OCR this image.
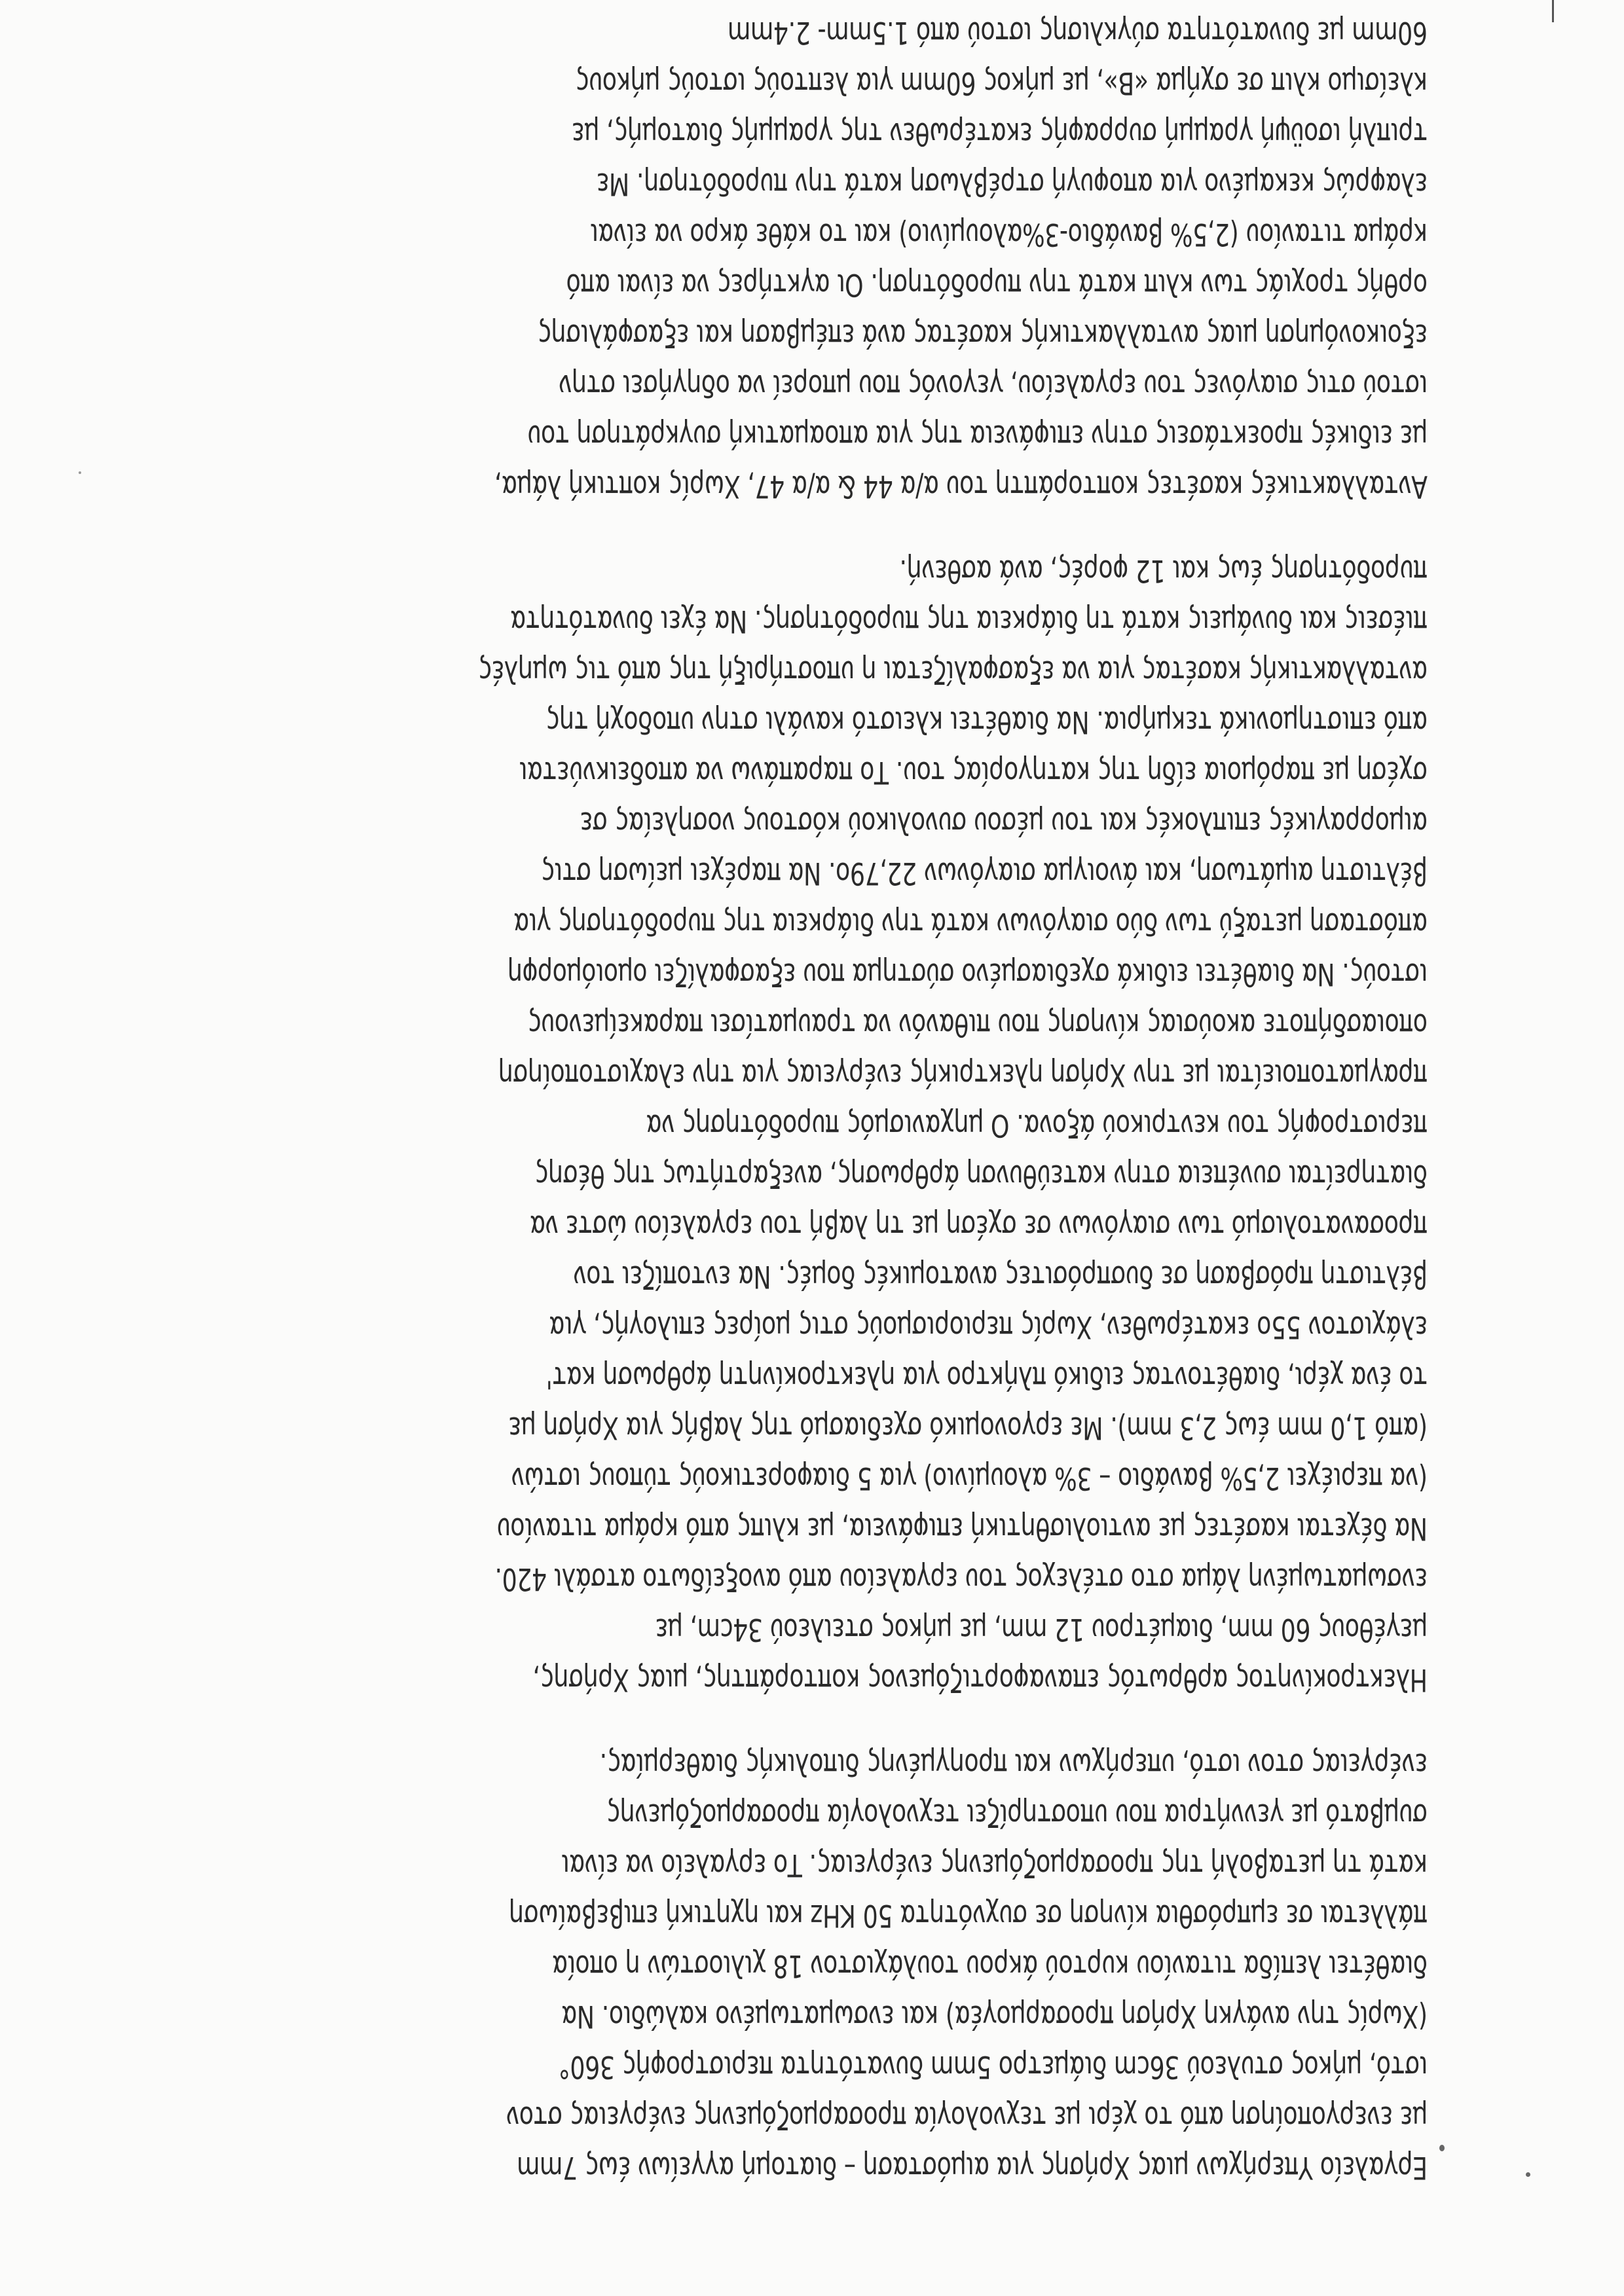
Εργαλείο Υπερήχων μιας Χρήσης για αιμόσταση – διατομή αγγείων έως 7mm
με ενεργοποίηση από το χέρι με τεχνολογία προσαρμοζόμενης ενέργειας στον
ιστό, μήκος στυλεού 36cm διάμετρο 5mm δυνατότητα περιστροφής 360°
(Χωρίς την ανάγκη Χρήση προσαρμογέα) και ενσωματωμένο καλώδιο. Να
διαθέτει λεπίδα τιτανίου κυρτού άκρου τουλάχιστον 18 χιλιοστών η οποία
πάλλεται σε εμπρόσθια κίνηση σε συχνότητα 50 KHz και ηχητική επιβεβαίωση
κατά τη μεταβολή της προσαρμοζόμενης ενέργειας. Το εργαλείο να είναι
συμβατό με γεννήτρια που υποστηρίζει τεχνολογία προσαρμοζόμενης
ενέργειας στον ιστό, υπερήχων και προηγμένης διπολικής διαθερμίας.
Ηλεκτροκίνητος αρθρωτός επαναφορτιζόμενος κοπτοράπτης, μιας Χρήσης,
μεγέθους 60 mm, διαμέτρου 12 mm, με μήκος στειλεού 34cm, με
ενσωματωμένη λάμα στο στέλεχος του εργαλείου από ανοξείδωτο ατσάλι 420.
Να δέχεται κασέτες με αντιολισθητική επιφάνεια, με κλιπς από κράμα τιτανίου
(να περιέχει 2,5% βανάδιο – 3% αλουμίνιο) για 5 διαφορετικούς τύπους ιστών
(από 1,0 mm έως 2,3 mm). Με εργονομικό σχεδιασμό της λαβής για Χρήση με
το ένα χέρι, διαθέτοντας ειδικό πλήκτρο για ηλεκτροκίνητη άρθρωση κατ'
ελάχιστον 55ο εκατέρωθεν, Χωρίς περιορισμούς στις μοίρες επιλογής, για
βέλτιστη πρόσβαση σε δυσπρόσιτες ανατομικές δομές. Να εντοπίζει τον
προσανατολισμό των σιαγόνων σε σχέση με τη λαβή του εργαλείου ώστε να
διατηρείται συνέπεια στην κατεύθυνση άρθρωσης, ανεξαρτήτως της θέσης
περιστροφής του κεντρικού άξονα. Ο μηχανισμός πυροδότησης να
πραγματοποιείται με την Χρήση ηλεκτρικής ενέργειας για την ελαχιστοποίηση
οποιασδήποτε ακούσιας κίνησης που πιθανόν να τραυματίσει παρακείμενους
ιστούς. Να διαθέτει ειδικά σχεδιασμένο σύστημα που εξασφαλίζει ομοιόμορφη
απόσταση μεταξύ των δύο σιαγόνων κατά την διάρκεια της πυροδότησης για
βέλτιστη αιμάτωση, και άνοιγμα σιαγόνων 22,79ο. Να παρέχει μείωση στις
αιμορραγικές επιπλοκές και του μέσου συνολικού κόστους νοσηλείας σε
σχέση με παρόμοια είδη της κατηγορίας του. Το παραπάνω να αποδεικνύεται
από επιστημονικά τεκμήρια. Να διαθέτει κλειστό κανάλι στην υποδοχή της
ανταλλακτικής κασέτας για να εξασφαλίζεται η υποστήριξή της από τις ωμηλές
πιέσεις και δυνάμεις κατά τη διάρκεια της πυροδότησης. Να έχει δυνατότητα
πυροδότησης έως και 12 φορές, ανά ασθενή.
Ανταλλακτικές κασέτες κοπτοράπτη του α/α 44 & α/α 47, Χωρίς κοπτική λάμα,
με ειδικές προεκτάσεις στην επιφάνεια της για αποαματική συγκράτηση του
ιστού στις σιαγόνες του εργαλείου, γεγονός που μπορεί να οδηγήσει στην
εξοικονόμηση μιας ανταλλακτικής κασέτας ανά επέμβαση και εξασφάλισης
ορθής τροχιάς των κλιπ κατά την πυροδότηση. Οι αγκτήρες να είναι από
κράμα τιτανίου (2,5% βανάδιο-3%αλουμίνιο) και το κάθε άκρο να είναι
ελαφρώς κεκαμένο για αποφυγή στρέβλωση κατά την πυροδότηση. Με
τριπλή ισοϋψή γραμμή συρραφής εκατέρωθεν της γραμμής διατομής, με
κλείσιμο κλιπ σε σχήμα «Β», με μήκος 60mm για λεπτούς ιστούς μήκους
60mm με δυνατότητα σύγκλισης ιστού από 1.5mm- 2.4mm
